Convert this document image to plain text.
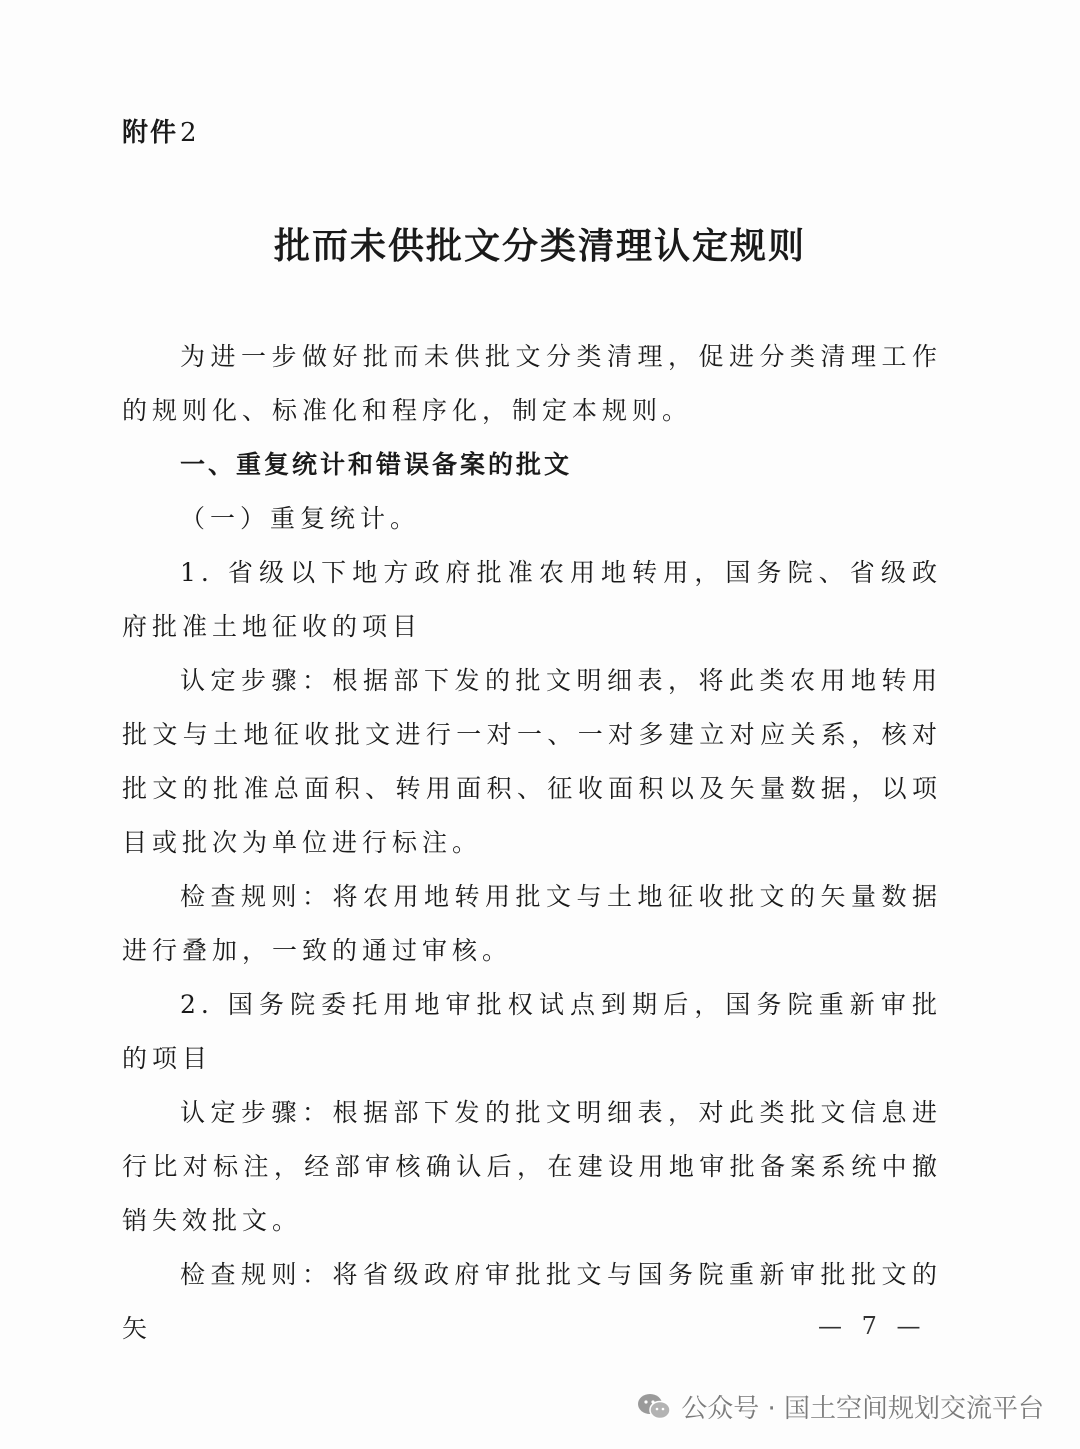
附件2
批而未供批文分类清理认定规则

为进一步做好批而未供批文分类清理，促进分类清理工作的规则化、标准化和程序化，制定本规则。

一、重复统计和错误备案的批文

（一）重复统计。

1. 省级以下地方政府批准农用地转用，国务院、省级政府批准土地征收的项目

认定步骤：根据部下发的批文明细表，将此类农用地转用批文与土地征收批文进行一对一、一对多建立对应关系，核对批文的批准总面积、转用面积、征收面积以及矢量数据，以项目或批次为单位进行标注。

检查规则：将农用地转用批文与土地征收批文的矢量数据进行叠加，一致的通过审核。

2. 国务院委托用地审批权试点到期后，国务院重新审批的项目

认定步骤：根据部下发的批文明细表，对此类批文信息进行比对标注，经部审核确认后，在建设用地审批备案系统中撤销失效批文。

检查规则：将省级政府审批批文与国务院重新审批批文的矢	— 7 —
公众号 · 国土空间规划交流平台
